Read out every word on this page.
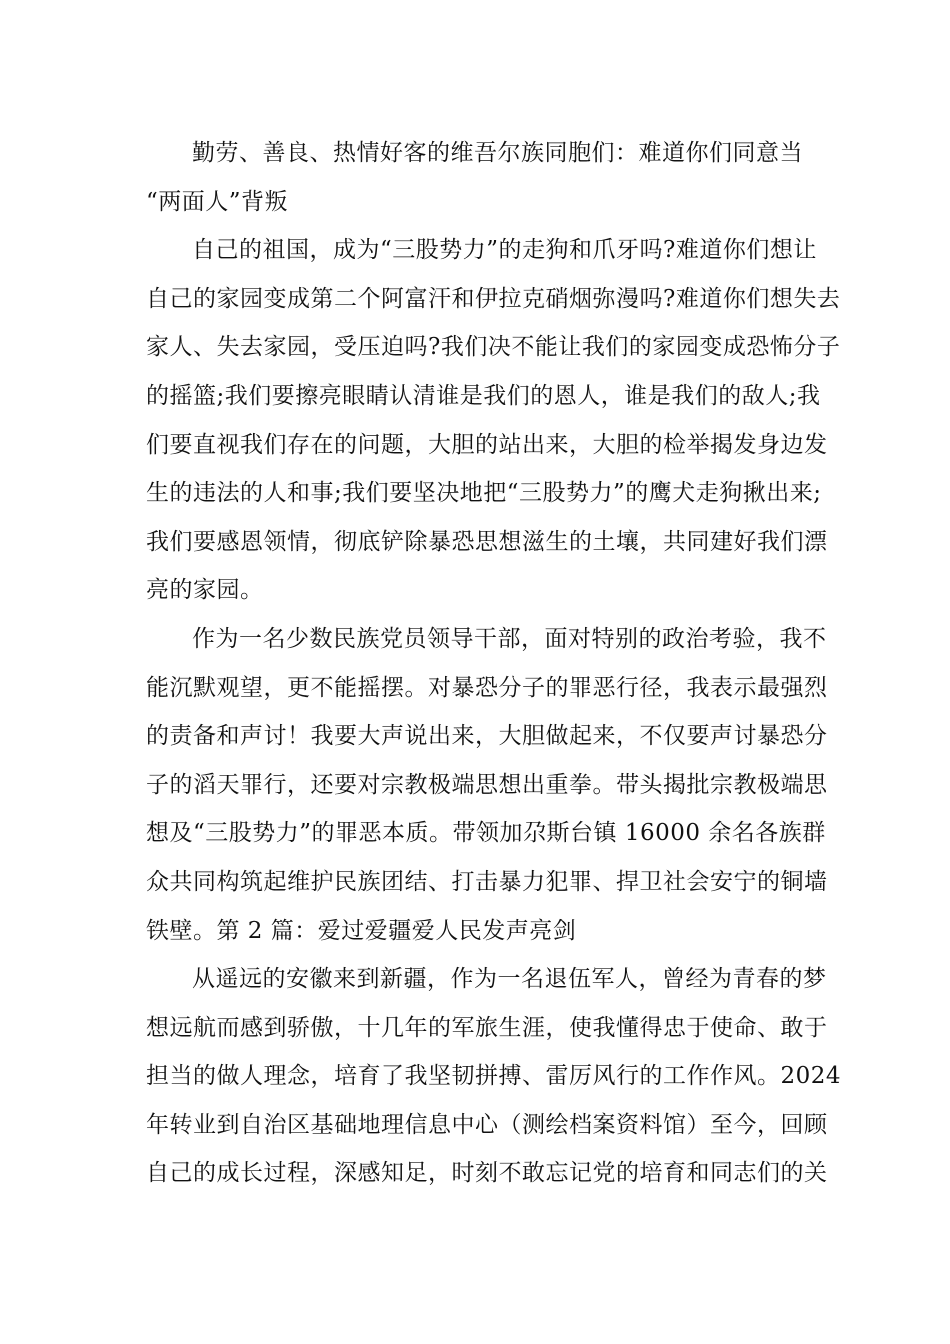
勤劳、善良、热情好客的维吾尔族同胞们：难道你们同意当
“两面人”背叛
自己的祖国，成为“三股势力”的走狗和爪牙吗?难道你们想让
自己的家园变成第二个阿富汗和伊拉克硝烟弥漫吗?难道你们想失去
家人、失去家园，受压迫吗?我们决不能让我们的家园变成恐怖分子
的摇篮;我们要擦亮眼睛认清谁是我们的恩人，谁是我们的敌人;我
们要直视我们存在的问题，大胆的站出来，大胆的检举揭发身边发
生的违法的人和事;我们要坚决地把“三股势力”的鹰犬走狗揪出来;
我们要感恩领情，彻底铲除暴恐思想滋生的土壤，共同建好我们漂
亮的家园。
作为一名少数民族党员领导干部，面对特别的政治考验，我不
能沉默观望，更不能摇摆。对暴恐分子的罪恶行径，我表示最强烈
的责备和声讨！我要大声说出来，大胆做起来，不仅要声讨暴恐分
子的滔天罪行，还要对宗教极端思想出重拳。带头揭批宗教极端思
想及“三股势力”的罪恶本质。带领加尕斯台镇 16000 余名各族群
众共同构筑起维护民族团结、打击暴力犯罪、捍卫社会安宁的铜墙
铁壁。第 2 篇：爱过爱疆爱人民发声亮剑
从遥远的安徽来到新疆，作为一名退伍军人，曾经为青春的梦
想远航而感到骄傲，十几年的军旅生涯，使我懂得忠于使命、敢于
担当的做人理念，培育了我坚韧拼搏、雷厉风行的工作作风。2024
年转业到自治区基础地理信息中心（测绘档案资料馆）至今，回顾
自己的成长过程，深感知足，时刻不敢忘记党的培育和同志们的关
